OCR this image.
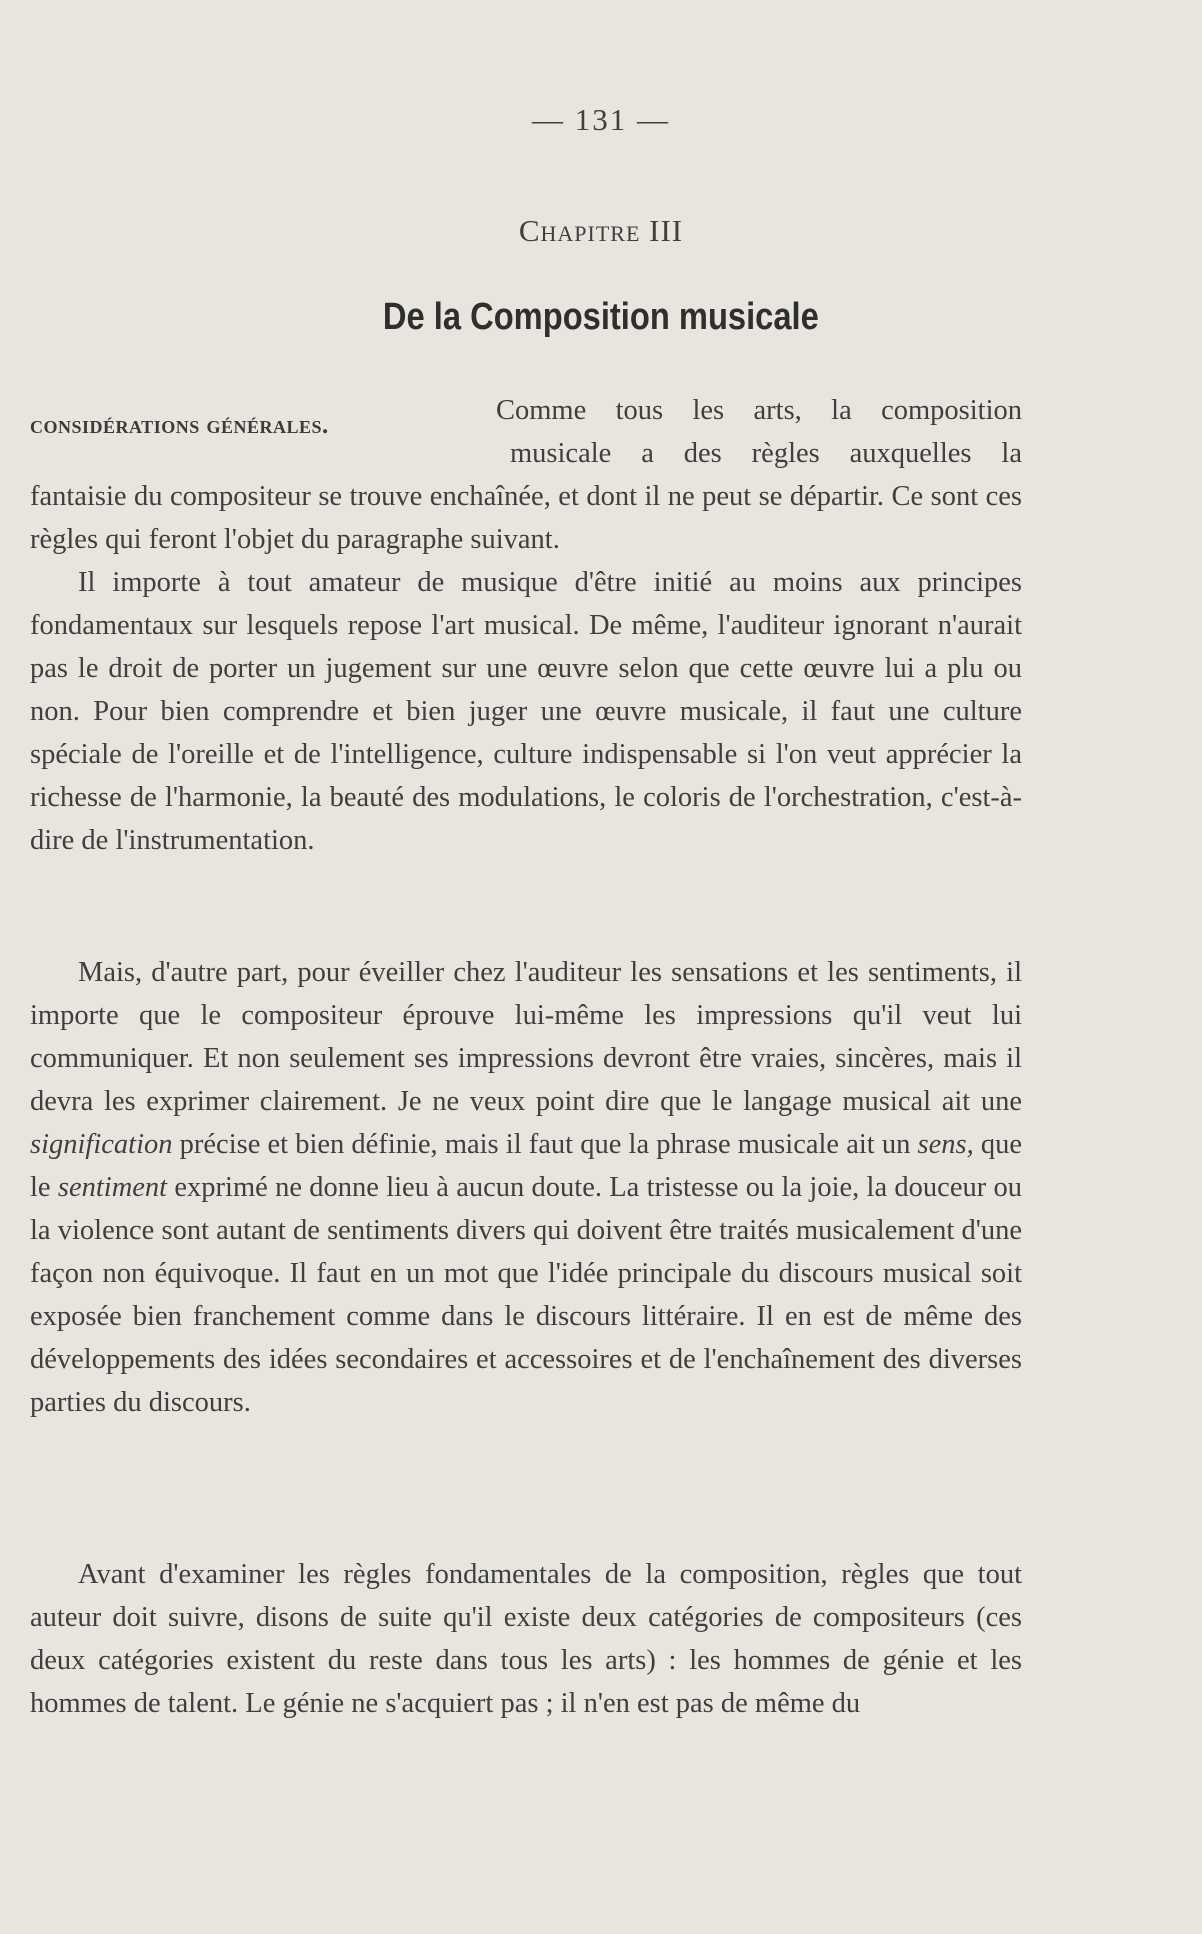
— 131 —
Chapitre III
De la Composition musicale
considérations générales.	Comme tous les arts, la composition
musicale a des règles auxquelles la
fantaisie du compositeur se trouve enchaînée, et dont il ne peut se départir. Ce sont ces règles qui feront l'objet du paragraphe suivant.
Il importe à tout amateur de musique d'être initié au moins aux principes fondamentaux sur lesquels repose l'art musical. De même, l'auditeur ignorant n'aurait pas le droit de porter un jugement sur une œuvre selon que cette œuvre lui a plu ou non. Pour bien comprendre et bien juger une œuvre musicale, il faut une culture spéciale de l'oreille et de l'intelligence, culture indispensable si l'on veut apprécier la richesse de l'harmonie, la beauté des modulations, le coloris de l'orchestration, c'est-à-dire de l'instrumentation.
Mais, d'autre part, pour éveiller chez l'auditeur les sensations et les sentiments, il importe que le compositeur éprouve lui-même les impressions qu'il veut lui communiquer. Et non seulement ses impressions devront être vraies, sincères, mais il devra les exprimer clairement. Je ne veux point dire que le langage musical ait une signification précise et bien définie, mais il faut que la phrase musicale ait un sens, que le sentiment exprimé ne donne lieu à aucun doute. La tristesse ou la joie, la douceur ou la violence sont autant de sentiments divers qui doivent être traités musicalement d'une façon non équivoque. Il faut en un mot que l'idée principale du discours musical soit exposée bien franchement comme dans le discours littéraire. Il en est de même des développements des idées secondaires et accessoires et de l'enchaînement des diverses parties du discours.
Avant d'examiner les règles fondamentales de la composition, règles que tout auteur doit suivre, disons de suite qu'il existe deux catégories de compositeurs (ces deux catégories existent du reste dans tous les arts) : les hommes de génie et les hommes de talent. Le génie ne s'acquiert pas ; il n'en est pas de même du
